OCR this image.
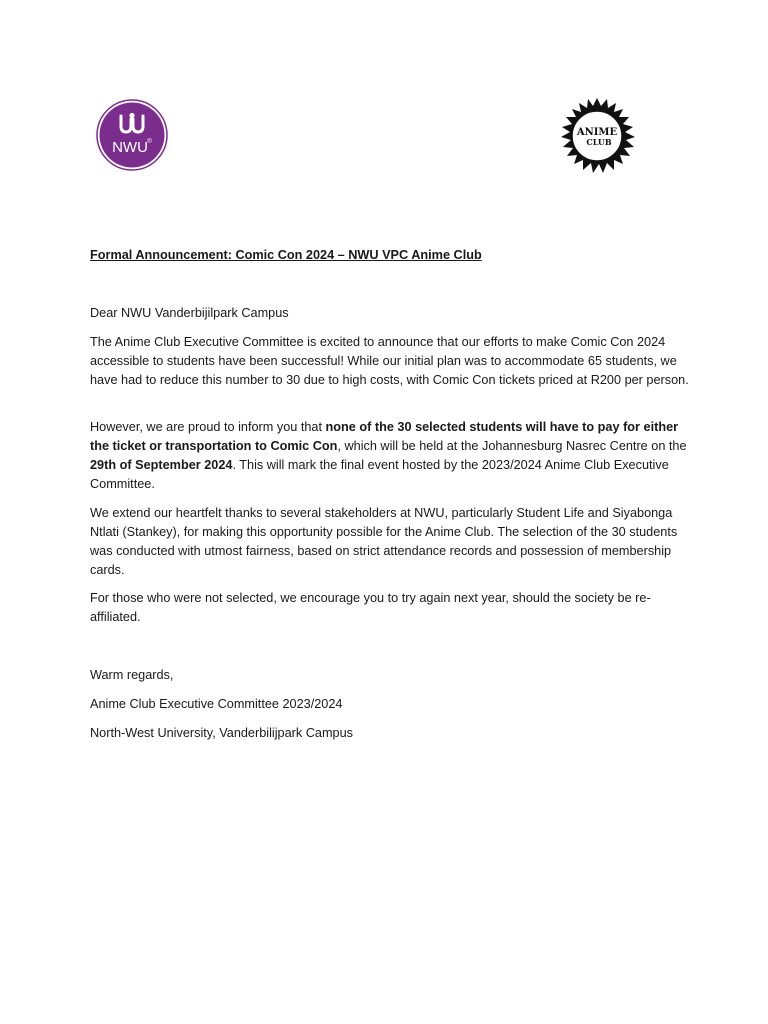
NWU ®
ANIME
CLUB

Formal Announcement: Comic Con 2024 – NWU VPC Anime Club

Dear NWU Vanderbijilpark Campus

The Anime Club Executive Committee is excited to announce that our efforts to make Comic Con 2024 accessible to students have been successful! While our initial plan was to accommodate 65 students, we have had to reduce this number to 30 due to high costs, with Comic Con tickets priced at R200 per person.

However, we are proud to inform you that none of the 30 selected students will have to pay for either the ticket or transportation to Comic Con, which will be held at the Johannesburg Nasrec Centre on the 29th of September 2024. This will mark the final event hosted by the 2023/2024 Anime Club Executive Committee.

We extend our heartfelt thanks to several stakeholders at NWU, particularly Student Life and Siyabonga Ntlati (Stankey), for making this opportunity possible for the Anime Club. The selection of the 30 students was conducted with utmost fairness, based on strict attendance records and possession of membership cards.

For those who were not selected, we encourage you to try again next year, should the society be re-affiliated.

Warm regards,

Anime Club Executive Committee 2023/2024

North-West University, Vanderbilijpark Campus
